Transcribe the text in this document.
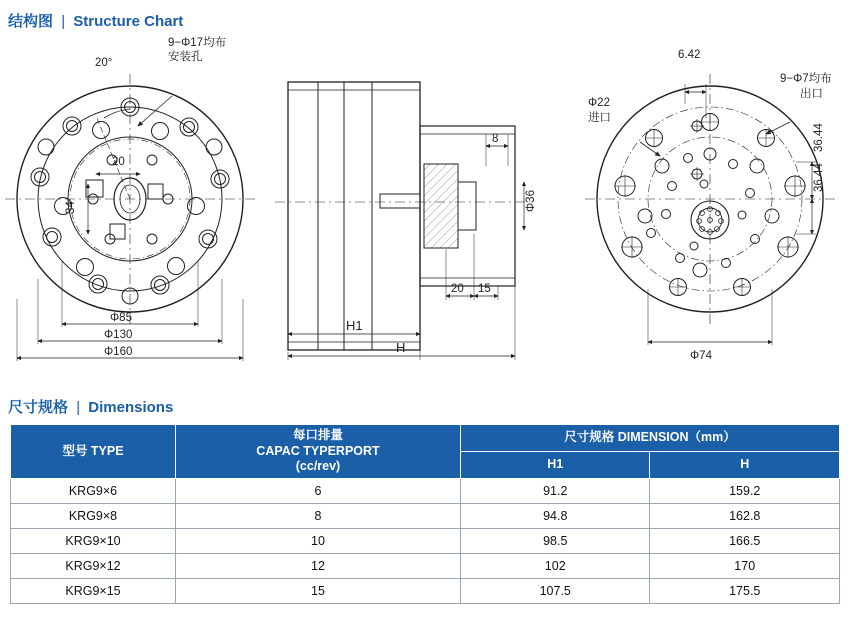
结构图 | Structure Chart
尺寸规格 | Dimensions
20°
9−Φ17均布
安装孔
20
34
Φ85
Φ130
Φ160
8
Φ36
20 15
H1
H
6.42
Φ22
进口
9−Φ7均布
出口
36.44
36.44
Φ74
型号 TYPE	每口排量
CAPAC TYPERPORT
(cc/rev)	尺寸规格 DIMENSION（mm）	
		H1	H
KRG9×6	6	91.2	159.2
KRG9×8	8	94.8	162.8
KRG9×10	10	98.5	166.5
KRG9×12	12	102	170
KRG9×15	15	107.5	175.5
